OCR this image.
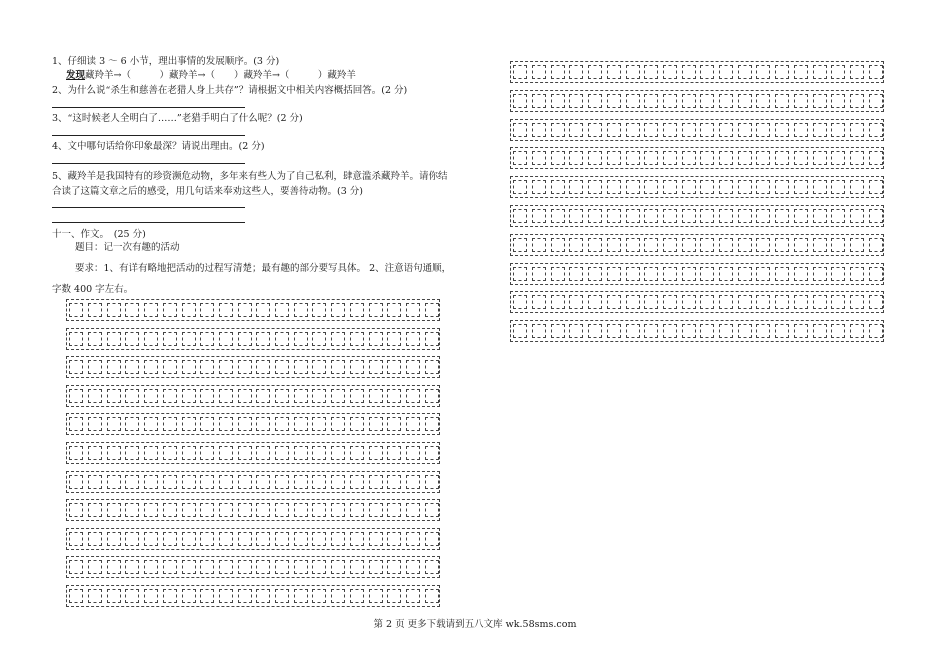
1、仔细读 3 ～ 6 小节，理出事情的发展顺序。(3 分)
发现藏羚羊→（　　　）藏羚羊→（　　）藏羚羊→（　　　）藏羚羊
2、为什么说“杀生和慈善在老猎人身上共存”？请根据文中相关内容概括回答。(2 分)
3、“这时候老人全明白了……”老猎手明白了什么呢？(2 分)
4、文中哪句话给你印象最深？请说出理由。(2 分)
5、藏羚羊是我国特有的珍资濒危动物，多年来有些人为了自己私利，肆意滥杀藏羚羊。请你结
合读了这篇文章之后的感受，用几句话来奉劝这些人，要善待动物。(3 分)
十一、作文。　(25 分)
题目：记一次有趣的活动
要求：1、有详有略地把活动的过程写清楚；最有趣的部分要写具体。 2、注意语句通顺，
字数 400 字左右。
第 2 页 更多下载请到五八文库 wk.58sms.com
